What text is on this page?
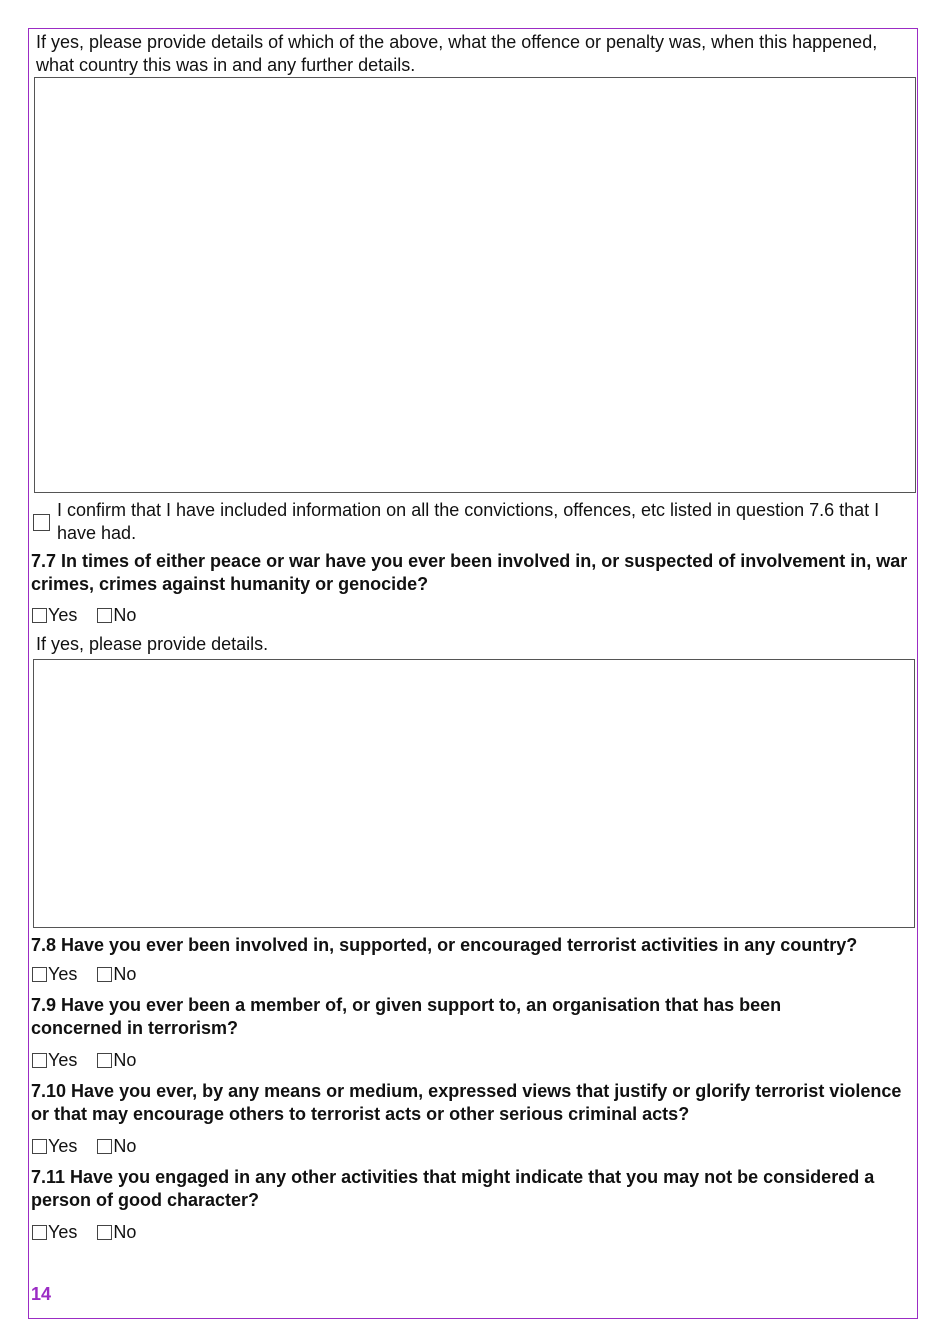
If yes, please provide details of which of the above, what the offence or penalty was, when this happened, what country this was in and any further details.
I confirm that I have included information on all the convictions, offences, etc listed in question 7.6 that I have had.
7.7 In times of either peace or war have you ever been involved in, or suspected of involvement in, war crimes, crimes against humanity or genocide?
Yes No
If yes, please provide details.
7.8 Have you ever been involved in, supported, or encouraged terrorist activities in any country?
Yes No
7.9 Have you ever been a member of, or given support to, an organisation that has been concerned in terrorism?
Yes No
7.10 Have you ever, by any means or medium, expressed views that justify or glorify terrorist violence or that may encourage others to terrorist acts or other serious criminal acts?
Yes No
7.11 Have you engaged in any other activities that might indicate that you may not be considered a person of good character?
Yes No
14
